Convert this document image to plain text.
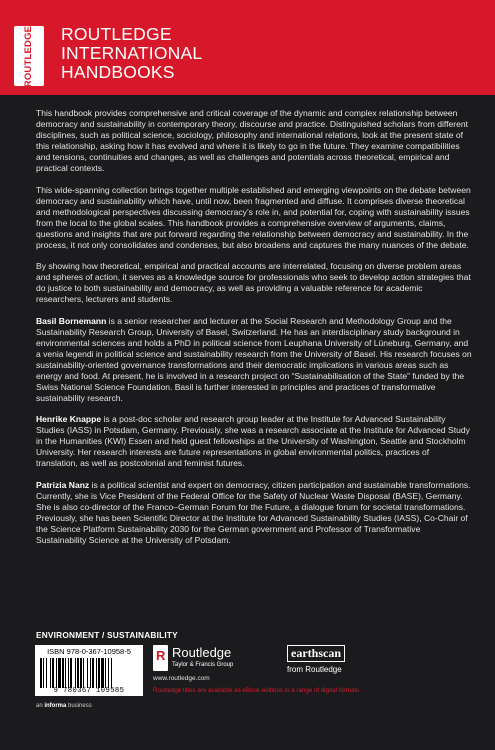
ROUTLEDGE ROUTLEDGE
INTERNATIONAL
HANDBOOKS

This handbook provides comprehensive and critical coverage of the dynamic and complex relationship between democracy and sustainability in contemporary theory, discourse and practice. Distinguished scholars from different disciplines, such as political science, sociology, philosophy and international relations, look at the present state of this relationship, asking how it has evolved and where it is likely to go in the future. They examine compatibilities and tensions, continuities and changes, as well as challenges and potentials across theoretical, empirical and practical contexts.

This wide-spanning collection brings together multiple established and emerging viewpoints on the debate between democracy and sustainability which have, until now, been fragmented and diffuse. It comprises diverse theoretical and methodological perspectives discussing democracy’s role in, and potential for, coping with sustainability issues from the local to the global scales. This handbook provides a comprehensive overview of arguments, claims, questions and insights that are put forward regarding the relationship between democracy and sustainability. In the process, it not only consolidates and condenses, but also broadens and captures the many nuances of the debate.

By showing how theoretical, empirical and practical accounts are interrelated, focusing on diverse problem areas and spheres of action, it serves as a knowledge source for professionals who seek to develop action strategies that do justice to both sustainability and democracy, as well as providing a valuable reference for academic researchers, lecturers and students.

Basil Bornemann is a senior researcher and lecturer at the Social Research and Methodology Group and the Sustainability Research Group, University of Basel, Switzerland. He has an interdisciplinary study background in environmental sciences and holds a PhD in political science from Leuphana University of Lüneburg, Germany, and a venia legendi in political science and sustainability research from the University of Basel. His research focuses on sustainability-oriented governance transformations and their democratic implications in various areas such as energy and food. At present, he is involved in a research project on “Sustainabilisation of the State” funded by the Swiss National Science Foundation. Basil is further interested in principles and practices of transformative sustainability research.
Henrike Knappe is a post-doc scholar and research group leader at the Institute for Advanced Sustainability Studies (IASS) in Potsdam, Germany. Previously, she was a research associate at the Institute for Advanced Study in the Humanities (KWI) Essen and held guest fellowships at the University of Washington, Seattle and Stockholm University. Her research interests are future representations in global environmental politics, practices of translation, as well as postcolonial and feminist futures.
Patrizia Nanz is a political scientist and expert on democracy, citizen participation and sustainable transformations. Currently, she is Vice President of the Federal Office for the Safety of Nuclear Waste Disposal (BASE), Germany. She is also co-director of the Franco–German Forum for the Future, a dialogue forum for societal transformations. Previously, she has been Scientific Director at the Institute for Advanced Sustainability Studies (IASS), Co-Chair of the Science Platform Sustainability 2030 for the German government and Professor of Transformative Sustainability Science at the University of Potsdam.
ENVIRONMENT / SUSTAINABILITY
ISBN 978-0-367-10958-5
9 780367 109585
an informa business
R Routledge
Taylor & Francis Group
www.routledge.com
earthscan
from Routledge
Routledge titles are available as eBook editions in a range of digital formats
